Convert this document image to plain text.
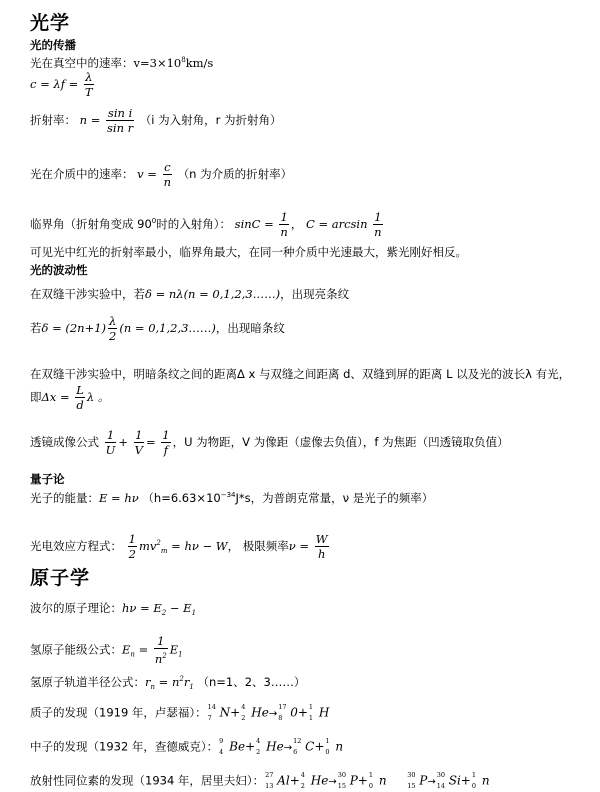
光学
光的传播
光在真空中的速率：$v=3\times 10^8km/s$
$c = \lambda f = \frac{\lambda}{T}$
折射率： $n = \frac{\text{sin i}}{\text{sin r}} (i$ 为入射角，r 为折射角）
光在介质中的速率： $v = \frac{c}{n} (n$ 为介质的折射率）
临界角（折射角变成 $90^0$时的入射角）： $\sin C = \frac{1}{n}$ ， $C = \arcsin \frac{1}{n}$
可见光中红光的折射率最小，临界角最大，在同一种介质中光速最大，紫光刚好相反。
光的波动性
在双缝干涉实验中，若δ = nλ(n = 0,1,2,3……)，出现亮条纹
若$\delta = (2n+1) \frac{\lambda}{2} (n$ = 0,1,2,3……)，出现暗条纹
在双缝干涉实验中，明暗条纹之间的距离Δ x 与双缝之间距离 d、双缝到屏的距离 L 以及光的波长λ 有光，
即$\Delta x = \frac{L}{d}$ λ 。
透镜成像公式 $\frac{1}{U} + \frac{1}{V} = \frac{1}{f}$ ，U 为物距，V 为像距（虚像去负值），f 为焦距（凹透镜取负值）
量子论
光子的能量：E = hν （$h=6.63\times 10^{-34}J*s$，为普朗克常量，ν 是光子的频率）
光电效应方程式： $\frac{1}{2} mv^2_m = h\nu - W$， 极限频率$\nu = \frac{W}{h}$
原子学
波尔的原子理论：$h\nu = E_2 - E_1$
氢原子能级公式：$E_n = \frac{1}{n^2} E_1$
氢原子轨道半径公式：$r_n = n^2r_1$ （n=1、2、3……）
质子的发现（1919 年，卢瑟福）： 14
7 N+ 4
2 He→
17
8 0+ 1
1 H
中子的发现（1932 年，查德威克）： 9
4 Be+ 4
2 He→
12
6 C+ 1
0 n
放射性同位素的发现（1934 年，居里夫妇）： 27
13 Al+ 4
2 He→
30
15 P+ 1
0 n	30
15 P→
30
14 Si+ 1
0 n
